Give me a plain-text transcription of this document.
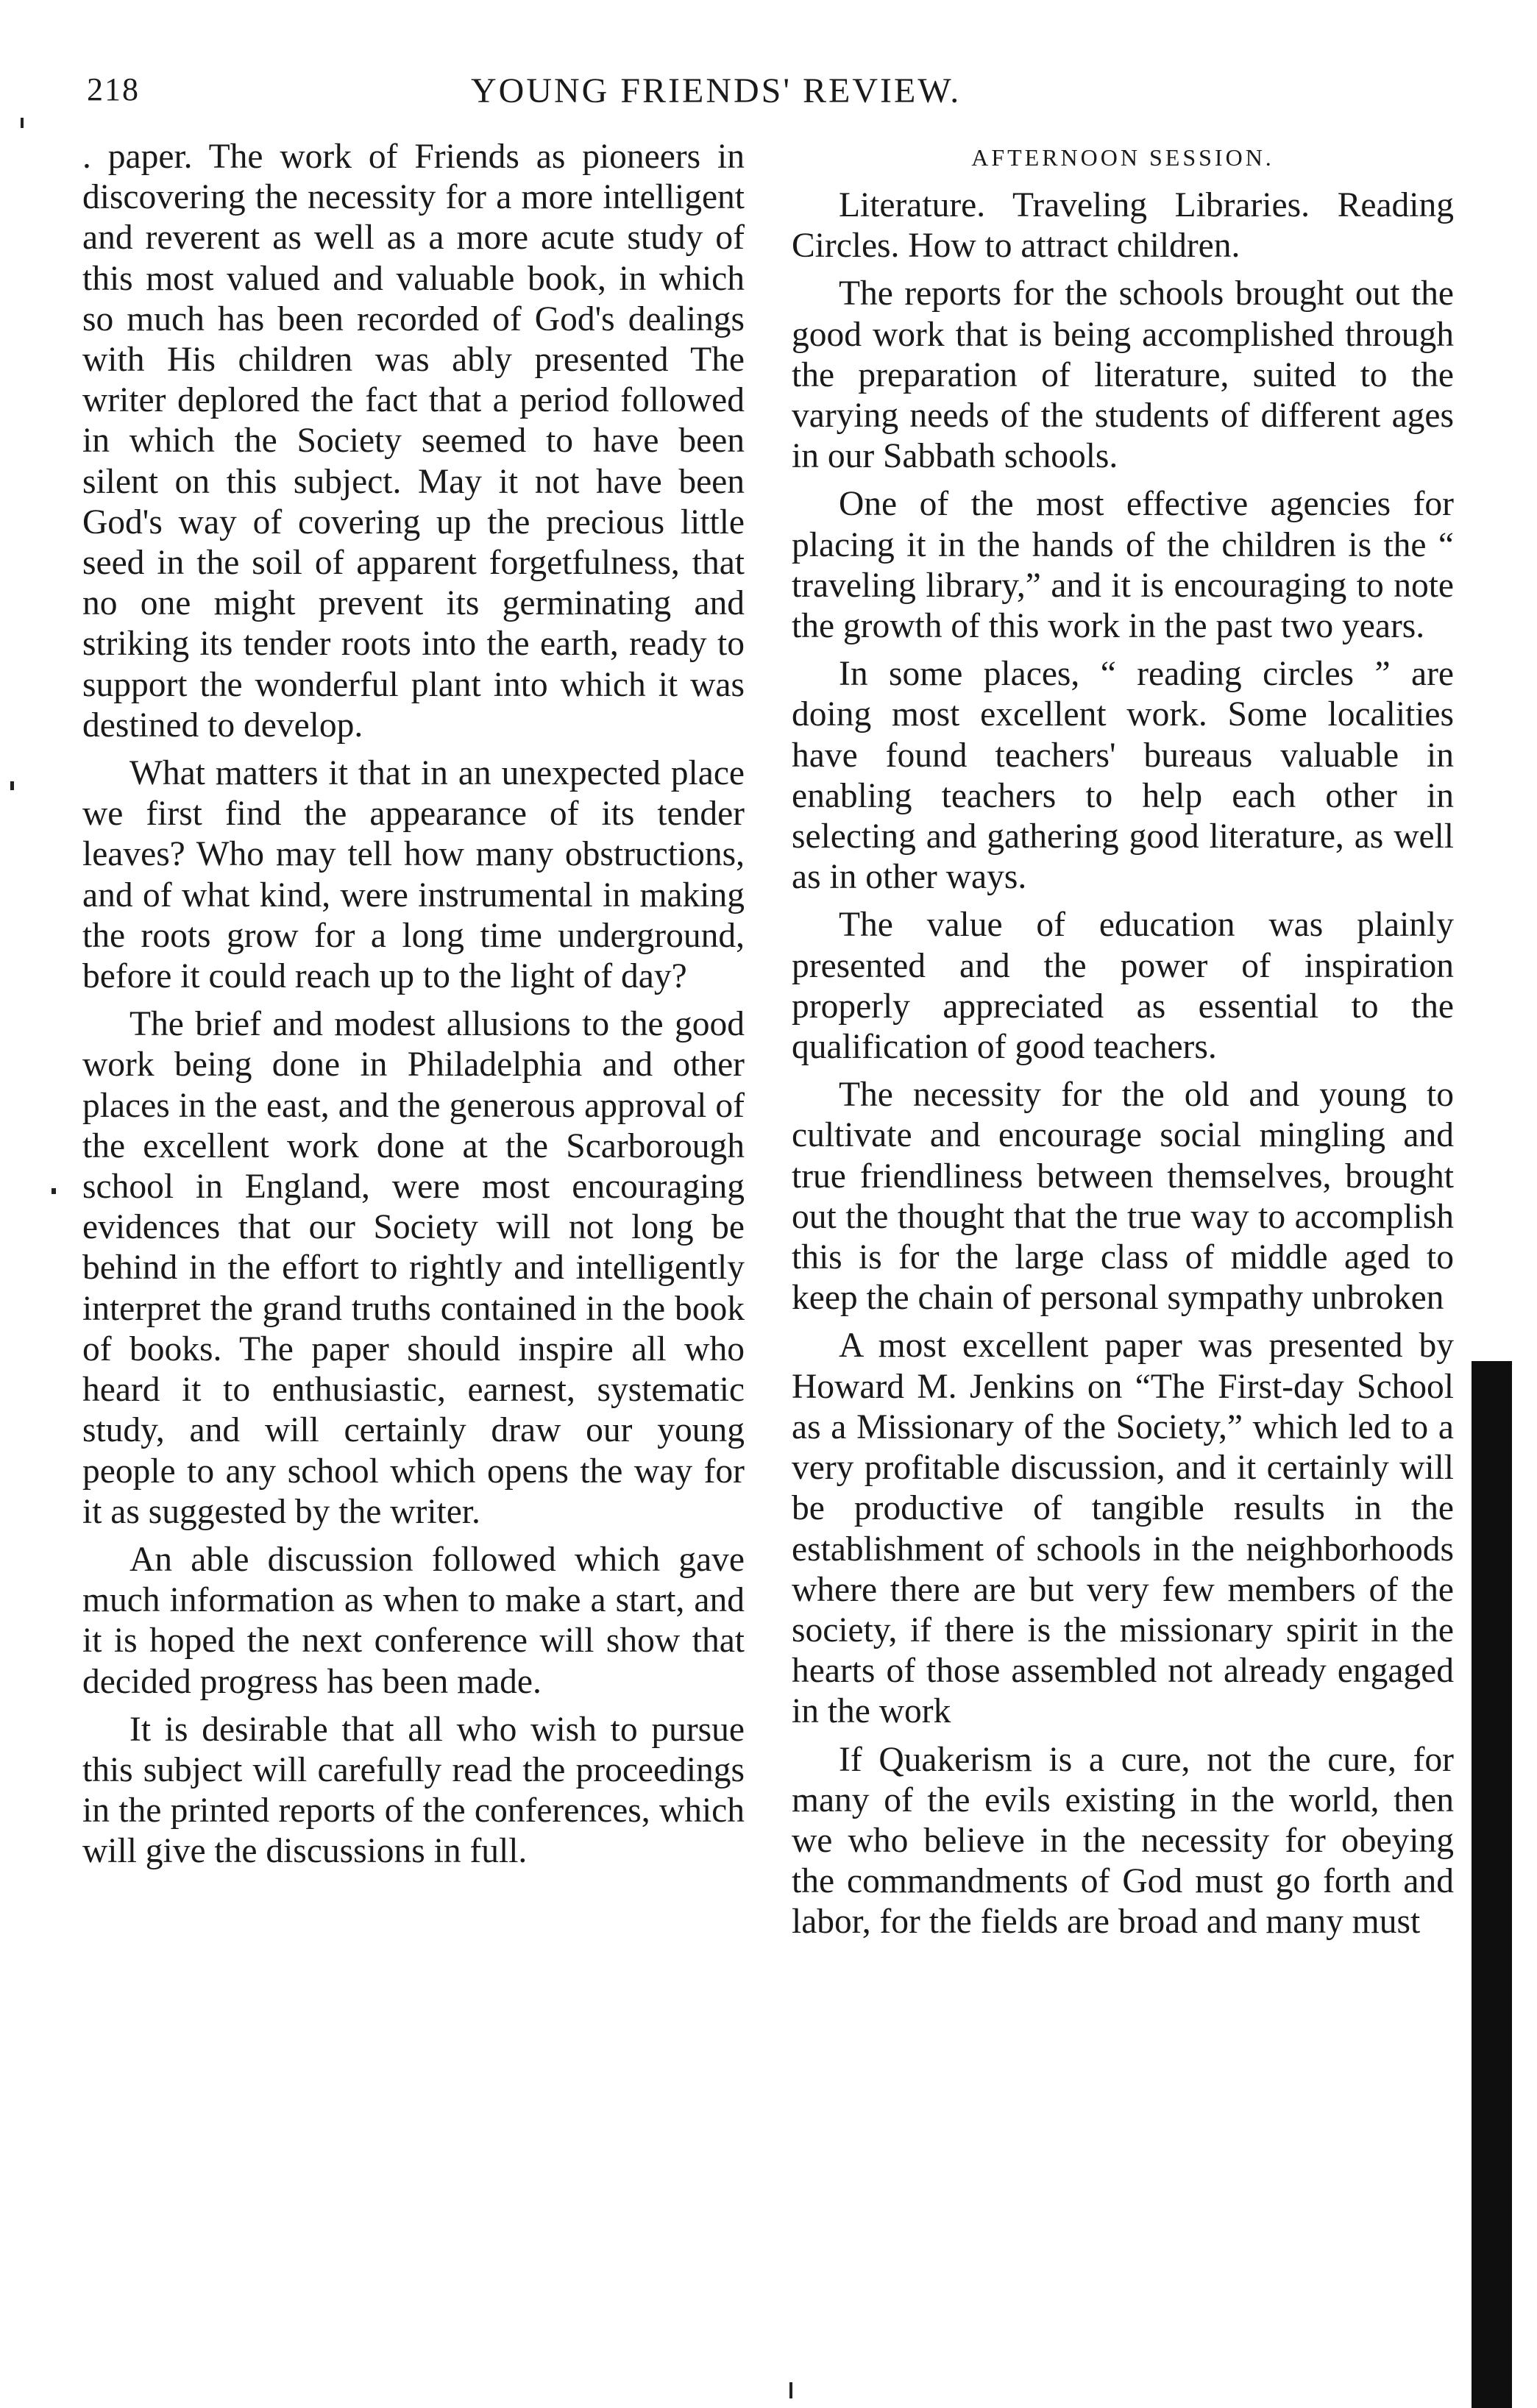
218	YOUNG FRIENDS' REVIEW.

. paper. The work of Friends as pioneers in discovering the necessity for a more intelligent and reverent as well as a more acute study of this most valued and valuable book, in which so much has been recorded of God's dealings with His children was ably presented The writer deplored the fact that a period followed in which the Society seemed to have been silent on this subject. May it not have been God's way of covering up the precious little seed in the soil of apparent forgetfulness, that no one might prevent its germinating and striking its tender roots into the earth, ready to support the wonderful plant into which it was destined to develop.

What matters it that in an unexpected place we first find the appearance of its tender leaves? Who may tell how many obstructions, and of what kind, were instrumental in making the roots grow for a long time underground, before it could reach up to the light of day?

The brief and modest allusions to the good work being done in Philadelphia and other places in the east, and the generous approval of the excellent work done at the Scarborough school in England, were most encouraging evidences that our Society will not long be behind in the effort to rightly and intelligently interpret the grand truths contained in the book of books. The paper should inspire all who heard it to enthusiastic, earnest, systematic study, and will certainly draw our young people to any school which opens the way for it as suggested by the writer.

An able discussion followed which gave much information as when to make a start, and it is hoped the next conference will show that decided progress has been made.

It is desirable that all who wish to pursue this subject will carefully read the proceedings in the printed reports of the conferences, which will give the discussions in full.

AFTERNOON SESSION.

Literature. Traveling Libraries. Reading Circles. How to attract children.

The reports for the schools brought out the good work that is being accomplished through the preparation of literature, suited to the varying needs of the students of different ages in our Sabbath schools.

One of the most effective agencies for placing it in the hands of the children is the “ traveling library,” and it is encouraging to note the growth of this work in the past two years.

In some places, “ reading circles ” are doing most excellent work. Some localities have found teachers' bureaus valuable in enabling teachers to help each other in selecting and gathering good literature, as well as in other ways.

The value of education was plainly presented and the power of inspiration properly appreciated as essential to the qualification of good teachers.

The necessity for the old and young to cultivate and encourage social mingling and true friendliness between themselves, brought out the thought that the true way to accomplish this is for the large class of middle aged to keep the chain of personal sympathy unbroken

A most excellent paper was presented by Howard M. Jenkins on “The First-day School as a Missionary of the Society,” which led to a very profitable discussion, and it certainly will be productive of tangible results in the establishment of schools in the neighborhoods where there are but very few members of the society, if there is the missionary spirit in the hearts of those assembled not already engaged in the work

If Quakerism is a cure, not the cure, for many of the evils existing in the world, then we who believe in the necessity for obeying the commandments of God must go forth and labor, for the fields are broad and many must
